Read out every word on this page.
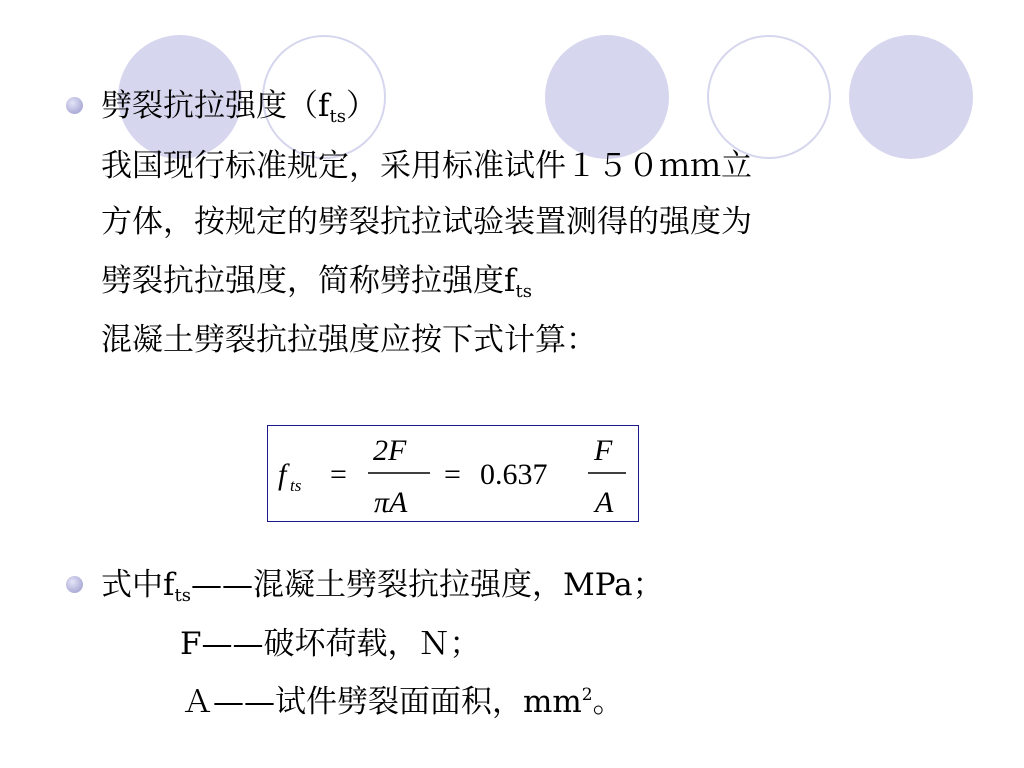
劈裂抗拉强度$(f_{ts})$
我国现行标准规定，采用标准试件１５０ｍｍ立
方体，按规定的劈裂抗拉试验装置测得的强度为
劈裂抗拉强度，简称劈拉强度$f_{ts}$
混凝土劈裂抗拉强度应按下式计算：
f ts =
2F
πA
= 0.637
F
A
式中$f_{ts}——$混凝土劈裂抗拉强度，MPa；
F——破坏荷载，Ｎ；
Ａ——试件劈裂面面积，$mm^2$。
